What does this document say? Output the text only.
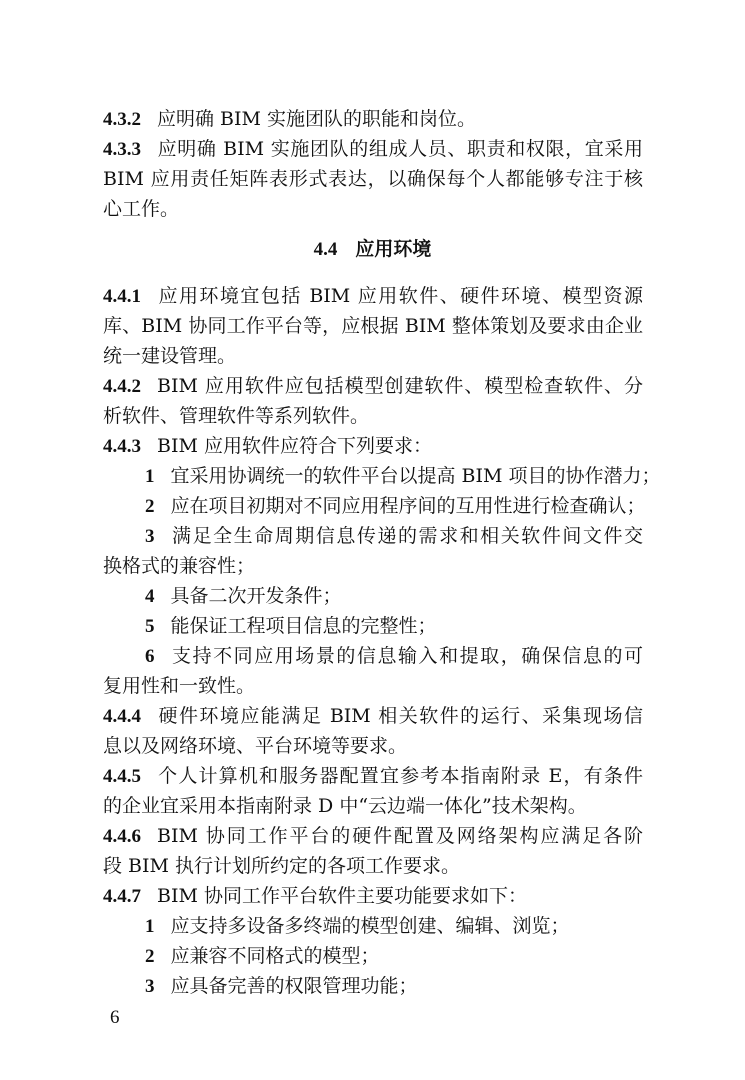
4.3.2 应明确 BIM 实施团队的职能和岗位。
4.3.3 应明确 BIM 实施团队的组成人员、职责和权限，宜采用
BIM 应用责任矩阵表形式表达，以确保每个人都能够专注于核
心工作。
4.4 应用环境
4.4.1 应用环境宜包括 BIM 应用软件、硬件环境、模型资源
库、BIM 协同工作平台等，应根据 BIM 整体策划及要求由企业
统一建设管理。
4.4.2 BIM 应用软件应包括模型创建软件、模型检查软件、分
析软件、管理软件等系列软件。
4.4.3 BIM 应用软件应符合下列要求：
1 宜采用协调统一的软件平台以提高 BIM 项目的协作潜力；
2 应在项目初期对不同应用程序间的互用性进行检查确认；
3 满足全生命周期信息传递的需求和相关软件间文件交
换格式的兼容性；
4 具备二次开发条件；
5 能保证工程项目信息的完整性；
6 支持不同应用场景的信息输入和提取，确保信息的可
复用性和一致性。
4.4.4 硬件环境应能满足 BIM 相关软件的运行、采集现场信
息以及网络环境、平台环境等要求。
4.4.5 个人计算机和服务器配置宜参考本指南附录 E，有条件
的企业宜采用本指南附录 D 中“云边端一体化”技术架构。
4.4.6 BIM 协同工作平台的硬件配置及网络架构应满足各阶
段 BIM 执行计划所约定的各项工作要求。
4.4.7 BIM 协同工作平台软件主要功能要求如下：
1 应支持多设备多终端的模型创建、编辑、浏览；
2 应兼容不同格式的模型；
3 应具备完善的权限管理功能；
6
